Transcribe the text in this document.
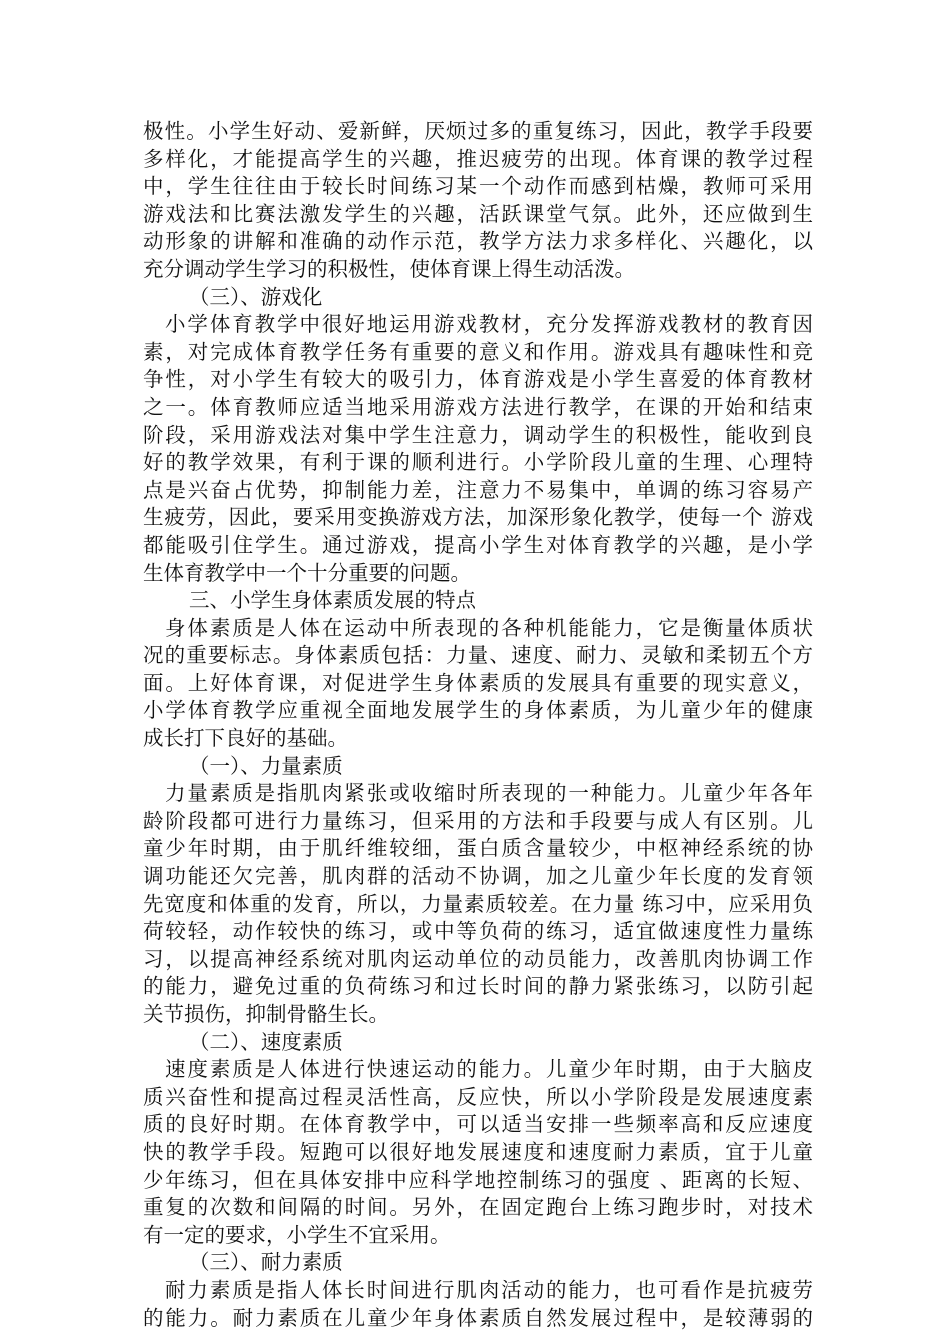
极性。小学生好动、爱新鲜，厌烦过多的重复练习，因此，教学手段要
多样化，才能提高学生的兴趣，推迟疲劳的出现。体育课的教学过程
中，学生往往由于较长时间练习某一个动作而感到枯燥，教师可采用
游戏法和比赛法激发学生的兴趣，活跃课堂气氛。此外，还应做到生
动形象的讲解和准确的动作示范，教学方法力求多样化、兴趣化，以
充分调动学生学习的积极性，使体育课上得生动活泼。
（三）、游戏化
小学体育教学中很好地运用游戏教材，充分发挥游戏教材的教育因
素，对完成体育教学任务有重要的意义和作用。游戏具有趣味性和竞
争性，对小学生有较大的吸引力，体育游戏是小学生喜爱的体育教材
之一。体育教师应适当地采用游戏方法进行教学，在课的开始和结束
阶段，采用游戏法对集中学生注意力，调动学生的积极性，能收到良
好的教学效果，有利于课的顺利进行。小学阶段儿童的生理、心理特
点是兴奋占优势，抑制能力差，注意力不易集中，单调的练习容易产
生疲劳，因此，要采用变换游戏方法，加深形象化教学，使每一个 游戏
都能吸引住学生。通过游戏，提高小学生对体育教学的兴趣，是小学
生体育教学中一个十分重要的问题。
三、小学生身体素质发展的特点
身体素质是人体在运动中所表现的各种机能能力，它是衡量体质状
况的重要标志。身体素质包括：力量、速度、耐力、灵敏和柔韧五个方
面。上好体育课，对促进学生身体素质的发展具有重要的现实意义，
小学体育教学应重视全面地发展学生的身体素质，为儿童少年的健康
成长打下良好的基础。
（一）、力量素质
力量素质是指肌肉紧张或收缩时所表现的一种能力。儿童少年各年
龄阶段都可进行力量练习，但采用的方法和手段要与成人有区别。儿
童少年时期，由于肌纤维较细，蛋白质含量较少，中枢神经系统的协
调功能还欠完善，肌肉群的活动不协调，加之儿童少年长度的发育领
先宽度和体重的发育，所以，力量素质较差。在力量 练习中，应采用负
荷较轻，动作较快的练习，或中等负荷的练习，适宜做速度性力量练
习，以提高神经系统对肌肉运动单位的动员能力，改善肌肉协调工作
的能力，避免过重的负荷练习和过长时间的静力紧张练习，以防引起
关节损伤，抑制骨骼生长。
（二）、速度素质
速度素质是人体进行快速运动的能力。儿童少年时期，由于大脑皮
质兴奋性和提高过程灵活性高，反应快，所以小学阶段是发展速度素
质的良好时期。在体育教学中，可以适当安排一些频率高和反应速度
快的教学手段。短跑可以很好地发展速度和速度耐力素质，宜于儿童
少年练习，但在具体安排中应科学地控制练习的强度 、距离的长短、
重复的次数和间隔的时间。另外，在固定跑台上练习跑步时，对技术
有一定的要求，小学生不宜采用。
（三）、耐力素质
耐力素质是指人体长时间进行肌肉活动的能力，也可看作是抗疲劳
的能力。耐力素质在儿童少年身体素质自然发展过程中，是较薄弱的
